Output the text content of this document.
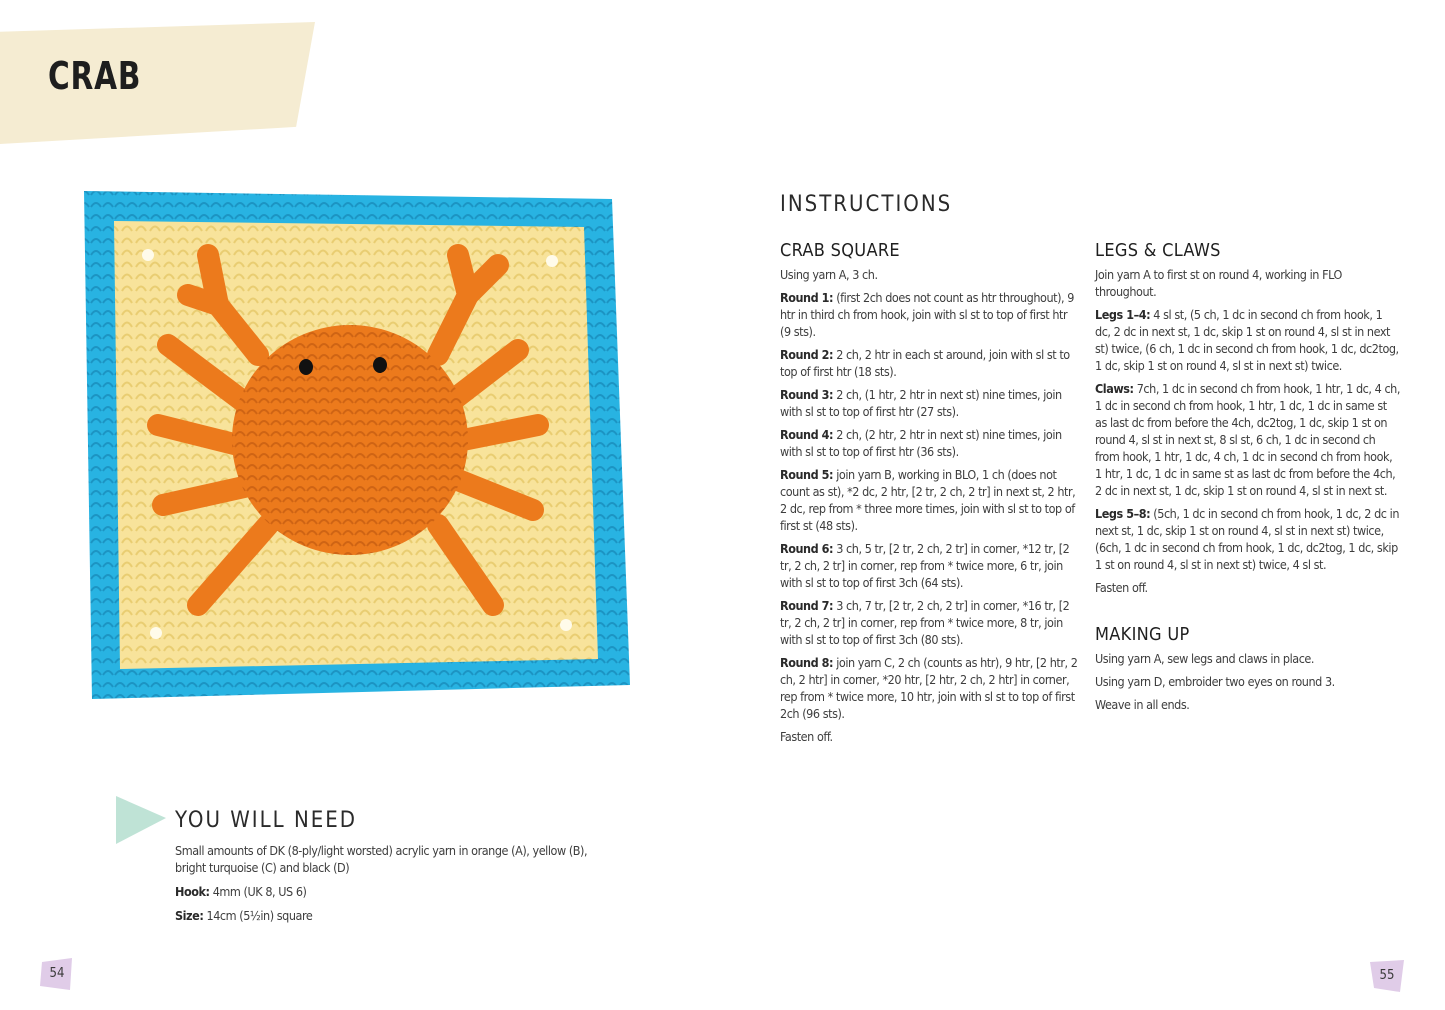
CRAB
YOU WILL NEED

Small amounts of DK (8-ply/light worsted) acrylic yarn in orange (A), yellow (B), bright turquoise (C) and black (D)

Hook: 4mm (UK 8, US 6)

Size: 14cm (5½in) square

54
INSTRUCTIONS
CRAB SQUARE

Using yarn A, 3 ch.

Round 1: (first 2ch does not count as htr throughout), 9 htr in third ch from hook, join with sl st to top of first htr (9 sts).

Round 2: 2 ch, 2 htr in each st around, join with sl st to top of first htr (18 sts).

Round 3: 2 ch, (1 htr, 2 htr in next st) nine times, join with sl st to top of first htr (27 sts).

Round 4: 2 ch, (2 htr, 2 htr in next st) nine times, join with sl st to top of first htr (36 sts).

Round 5: join yarn B, working in BLO, 1 ch (does not count as st), *2 dc, 2 htr, [2 tr, 2 ch, 2 tr] in next st, 2 htr, 2 dc, rep from * three more times, join with sl st to top of first st (48 sts).

Round 6: 3 ch, 5 tr, [2 tr, 2 ch, 2 tr] in corner, *12 tr, [2 tr, 2 ch, 2 tr] in corner, rep from * twice more, 6 tr, join with sl st to top of first 3ch (64 sts).

Round 7: 3 ch, 7 tr, [2 tr, 2 ch, 2 tr] in corner, *16 tr, [2 tr, 2 ch, 2 tr] in corner, rep from * twice more, 8 tr, join with sl st to top of first 3ch (80 sts).

Round 8: join yarn C, 2 ch (counts as htr), 9 htr, [2 htr, 2 ch, 2 htr] in corner, *20 htr, [2 htr, 2 ch, 2 htr] in corner, rep from * twice more, 10 htr, join with sl st to top of first 2ch (96 sts).

Fasten off.

LEGS & CLAWS

Join yarn A to first st on round 4, working in FLO throughout.

Legs 1–4: 4 sl st, (5 ch, 1 dc in second ch from hook, 1 dc, 2 dc in next st, 1 dc, skip 1 st on round 4, sl st in next st) twice, (6 ch, 1 dc in second ch from hook, 1 dc, dc2tog, 1 dc, skip 1 st on round 4, sl st in next st) twice.

Claws: 7ch, 1 dc in second ch from hook, 1 htr, 1 dc, 4 ch, 1 dc in second ch from hook, 1 htr, 1 dc, 1 dc in same st as last dc from before the 4ch, dc2tog, 1 dc, skip 1 st on round 4, sl st in next st, 8 sl st, 6 ch, 1 dc in second ch from hook, 1 htr, 1 dc, 4 ch, 1 dc in second ch from hook, 1 htr, 1 dc, 1 dc in same st as last dc from before the 4ch, 2 dc in next st, 1 dc, skip 1 st on round 4, sl st in next st.

Legs 5–8: (5ch, 1 dc in second ch from hook, 1 dc, 2 dc in next st, 1 dc, skip 1 st on round 4, sl st in next st) twice, (6ch, 1 dc in second ch from hook, 1 dc, dc2tog, 1 dc, skip 1 st on round 4, sl st in next st) twice, 4 sl st.

Fasten off.

MAKING UP

Using yarn A, sew legs and claws in place.

Using yarn D, embroider two eyes on round 3.

Weave in all ends.

55
